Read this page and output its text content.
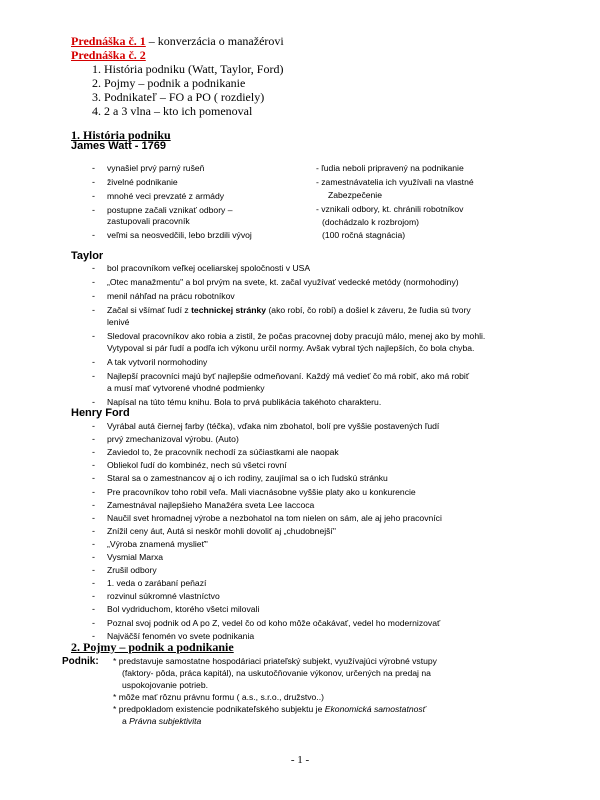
Prednáška č. 1 – konverzácia o manažérovi
Prednáška č. 2
1. História podniku (Watt, Taylor, Ford)
2. Pojmy – podnik a podnikanie
3. Podnikateľ – FO a PO ( rozdiely)
4. 2 a 3 vlna – kto ich pomenoval
1. História podniku
James Watt - 1769
- vynašiel prvý parný rušeň
- živelné podnikanie
- mnohé veci prevzaté z armády
- postupne začali vznikať odbory –
zastupovali pracovník
- veľmi sa neosvedčili, lebo brzdili vývoj
- ľudia neboli pripravený na podnikanie
- zamestnávatelia ich využívali na vlastné
Zabezpečenie
- vznikali odbory, kt. chránili robotníkov
(dochádzalo k rozbrojom)
(100 ročná stagnácia)
Taylor
- bol pracovníkom veľkej oceliarskej spoločnosti v USA
- „Otec manažmentu" a bol prvým na svete, kt. začal využívať vedecké metódy (normohodiny)
- menil náhľad na prácu robotníkov
- Začal si všímať ľudí z technickej stránky (ako robí, čo robí) a došiel k záveru, že ľudia sú tvory
lenivé
- Sledoval pracovníkov ako robia a zistil, že počas pracovnej doby pracujú málo, menej ako by mohli.
Vytypoval si pár ľudí a podľa ich výkonu určil normy. Avšak vybral tých najlepších, čo bola chyba.
- A tak vytvoril normohodiny
- Najlepší pracovníci majú byť najlepšie odmeňovaní. Každý má vedieť čo má robiť, ako má robiť
a musí mať vytvorené vhodné podmienky
- Napísal na túto tému knihu. Bola to prvá publikácia takéhoto charakteru.
Henry Ford
- Vyrábal autá čiernej farby (téčka), vďaka nim zbohatol, bolí pre vyššie postavených ľudí
- prvý zmechanizoval výrobu. (Auto)
- Zaviedol to, že pracovník nechodí za súčiastkami ale naopak
- Obliekol ľudí do kombinéz, nech sú všetci rovní
- Staral sa o zamestnancov aj o ich rodiny, zaujímal sa o ich ľudskú stránku
- Pre pracovníkov toho robil veľa. Mali viacnásobne vyššie platy ako u konkurencie
- Zamestnával najlepšieho Manažéra sveta Lee Iaccoca
- Naučil svet hromadnej výrobe a nezbohatol na tom nielen on sám, ale aj jeho pracovníci
- Znížil ceny áut, Autá si neskôr mohli dovoliť aj „chudobnejší"
- „Výroba znamená myslieť"
- Vysmial Marxa
- Zrušil odbory
- 1. veda o zarábaní peňazí
- rozvinul súkromné vlastníctvo
- Bol vydriduchom, ktorého všetci milovali
- Poznal svoj podnik od A po Z, vedel čo od koho môže očakávať, vedel ho modernizovať
- Najväčší fenomén vo svete podnikania
2. Pojmy – podnik a podnikanie
Podnik: * predstavuje samostatne hospodáriaci priateľský subjekt, využívajúci výrobné vstupy
(faktory- pôda, práca kapitál), na uskutočňovanie výkonov, určených na predaj na
uspokojovanie potrieb.
* môže mať rôznu právnu formu ( a.s., s.r.o., družstvo..)
* predpokladom existencie podnikateľského subjektu je Ekonomická samostatnosť
a Právna subjektivita
- 1 -
